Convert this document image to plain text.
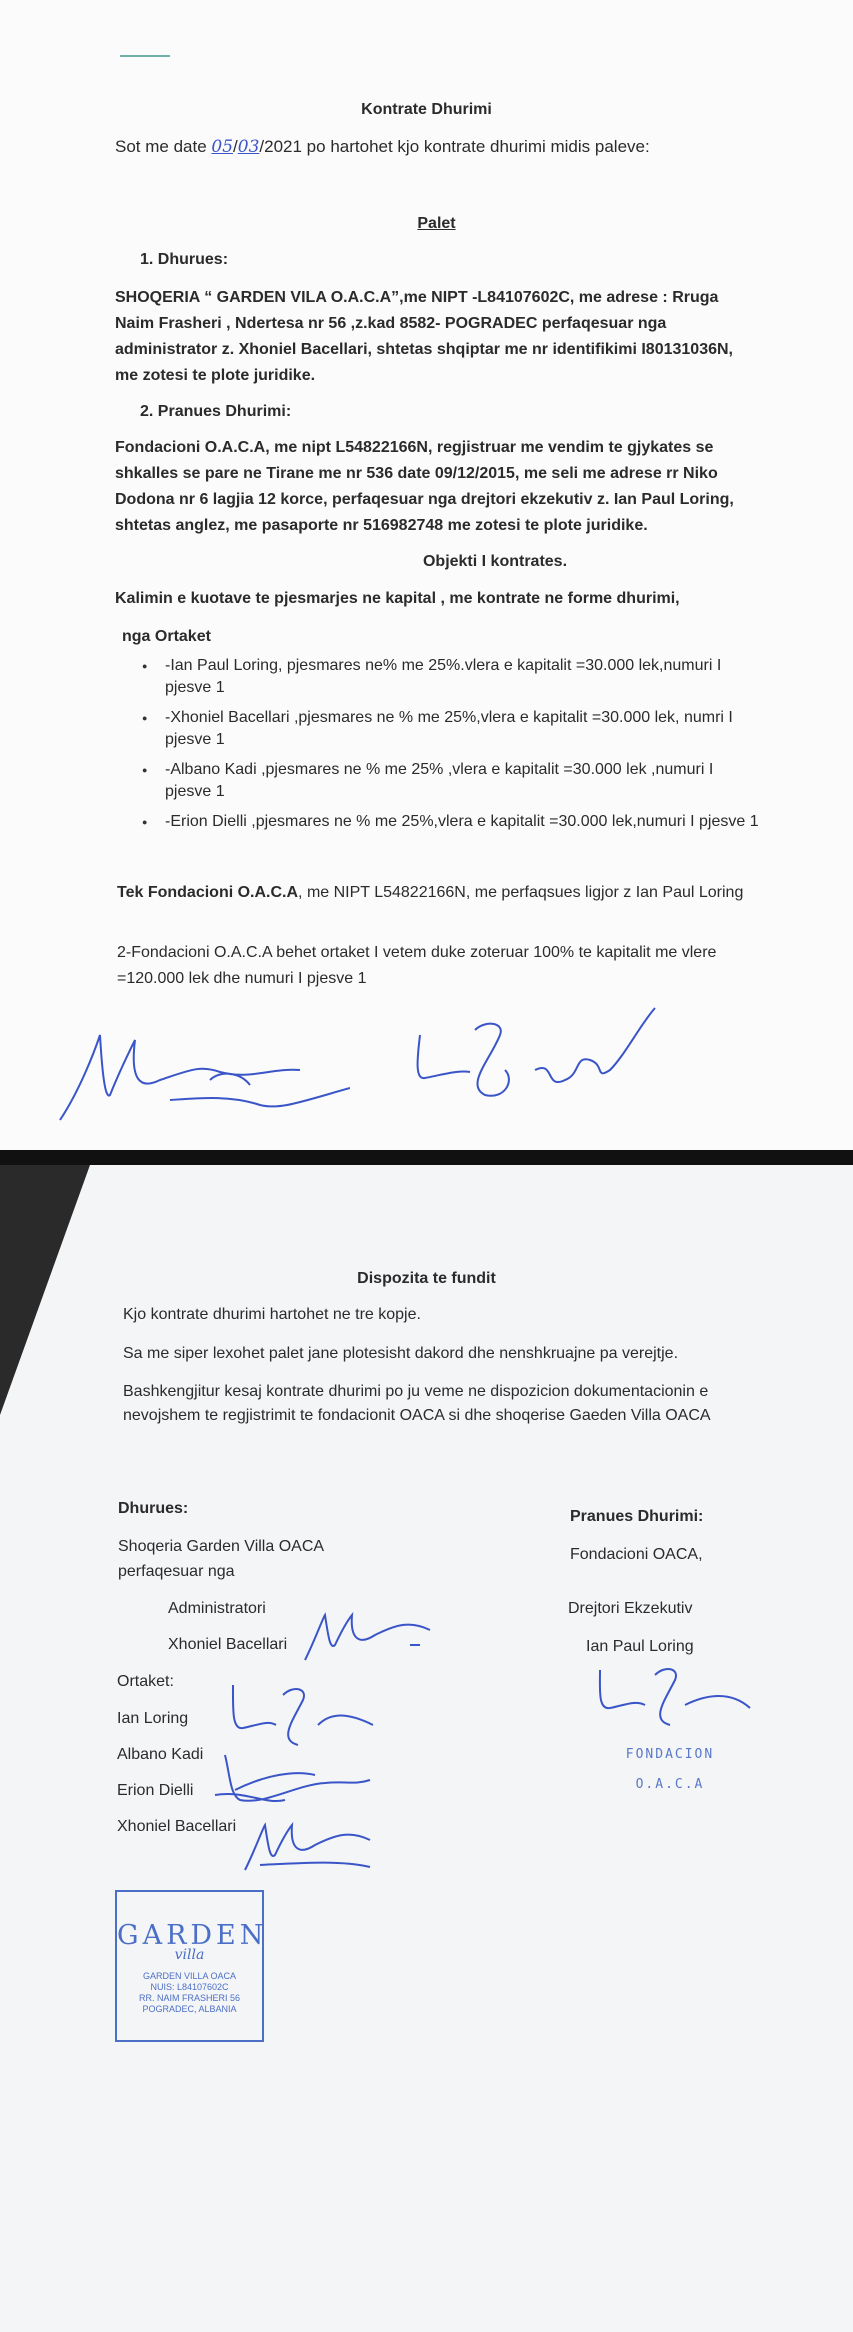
Kontrate Dhurimi

Sot me date 05/03/2021 po hartohet kjo kontrate dhurimi midis paleve:

Palet

1. Dhurues:

SHOQERIA “ GARDEN VILA O.A.C.A”,me NIPT -L84107602C, me adrese : Rruga Naim Frasheri , Ndertesa nr 56 ,z.kad 8582- POGRADEC perfaqesuar nga administrator z. Xhoniel Bacellari, shtetas shqiptar me nr identifikimi I80131036N, me zotesi te plote juridike.

2. Pranues Dhurimi:

Fondacioni O.A.C.A, me nipt L54822166N, regjistruar me vendim te gjykates se shkalles se pare ne Tirane me nr 536 date 09/12/2015, me seli me adrese rr Niko Dodona nr 6 lagjia 12 korce, perfaqesuar nga drejtori ekzekutiv z. Ian Paul Loring, shtetas anglez, me pasaporte nr 516982748 me zotesi te plote juridike.

Objekti I kontrates.

Kalimin e kuotave te pjesmarjes ne kapital , me kontrate ne forme dhurimi,

nga Ortaket

● -Ian Paul Loring, pjesmares ne% me 25%.vlera e kapitalit =30.000 lek,numuri I pjesve 1
● -Xhoniel Bacellari ,pjesmares ne % me 25%,vlera e kapitalit =30.000 lek, numri I pjesve 1
● -Albano Kadi ,pjesmares ne % me 25% ,vlera e kapitalit =30.000 lek ,numuri I pjesve 1
● -Erion Dielli ,pjesmares ne % me 25%,vlera e kapitalit =30.000 lek,numuri I pjesve 1

Tek Fondacioni O.A.C.A, me NIPT L54822166N, me perfaqsues ligjor z Ian Paul Loring

2-Fondacioni O.A.C.A behet ortaket I vetem duke zoteruar 100% te kapitalit me vlere =120.000 lek dhe numuri I pjesve 1

Dispozita te fundit

Kjo kontrate dhurimi hartohet ne tre kopje.

Sa me siper lexohet palet jane plotesisht dakord dhe nenshkruajne pa verejtje.

Bashkengjitur kesaj kontrate dhurimi po ju veme ne dispozicion dokumentacionin e nevojshem te regjistrimit te fondacionit OACA si dhe shoqerise Gaeden Villa OACA

Dhurues:

Shoqeria Garden Villa OACA

perfaqesuar nga

Administratori

Xhoniel Bacellari

Ortaket:

Ian Loring

Albano Kadi

Erion Dielli

Xhoniel Bacellari

Pranues Dhurimi:

Fondacioni OACA,

Drejtori Ekzekutiv

Ian Paul Loring

FONDACION
O.A.C.A
GARDEN
villa
GARDEN VILLA OACA
NUIS: L84107602C
RR. NAIM FRASHERI 56
POGRADEC, ALBANIA
